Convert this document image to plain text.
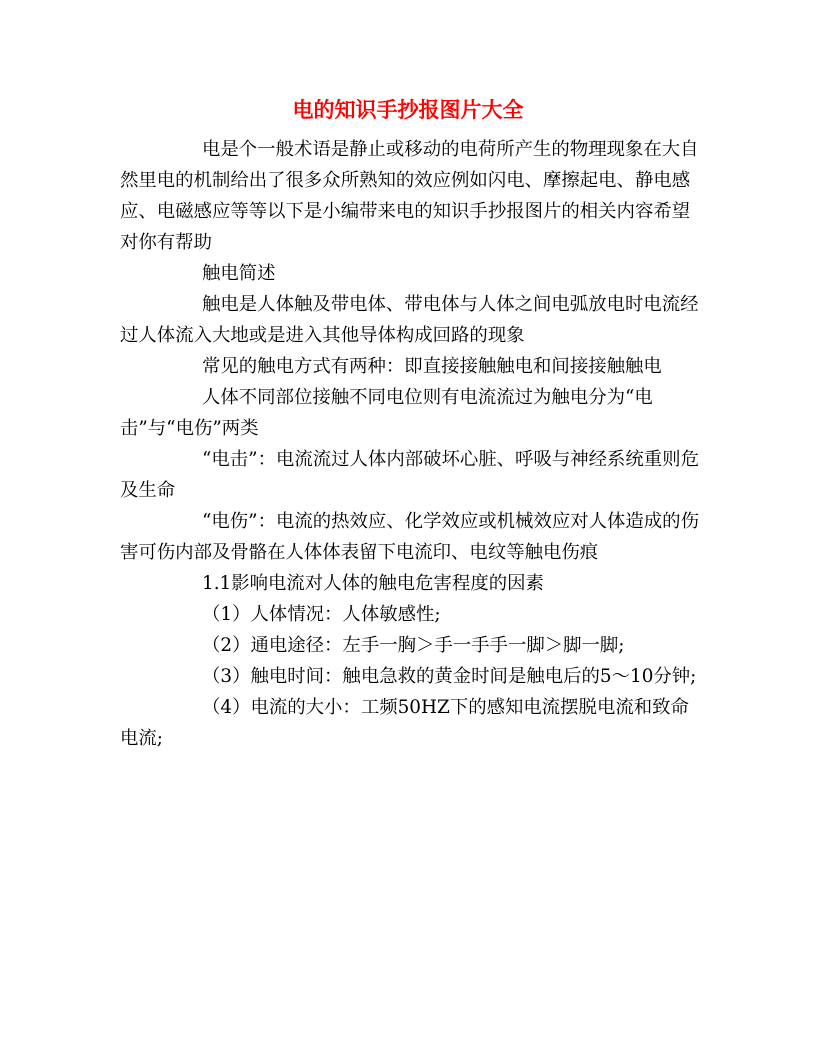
电的知识手抄报图片大全

电是个一般术语是静止或移动的电荷所产生的物理现象在大自然里电的机制给出了很多众所熟知的效应例如闪电、摩擦起电、静电感应、电磁感应等等以下是小编带来电的知识手抄报图片的相关内容希望对你有帮助

触电简述

触电是人体触及带电体、带电体与人体之间电弧放电时电流经过人体流入大地或是进入其他导体构成回路的现象

常见的触电方式有两种：即直接接触触电和间接接触触电

人体不同部位接触不同电位则有电流流过为触电分为“电击”与“电伤”两类

“电击”：电流流过人体内部破坏心脏、呼吸与神经系统重则危及生命

“电伤”：电流的热效应、化学效应或机械效应对人体造成的伤害可伤内部及骨骼在人体体表留下电流印、电纹等触电伤痕

1.1影响电流对人体的触电危害程度的因素

（1）人体情况：人体敏感性;

（2）通电途径：左手一胸＞手一手手一脚＞脚一脚;

（3）触电时间：触电急救的黄金时间是触电后的5～10分钟;

（4）电流的大小：工频50HZ下的感知电流摆脱电流和致命电流;
